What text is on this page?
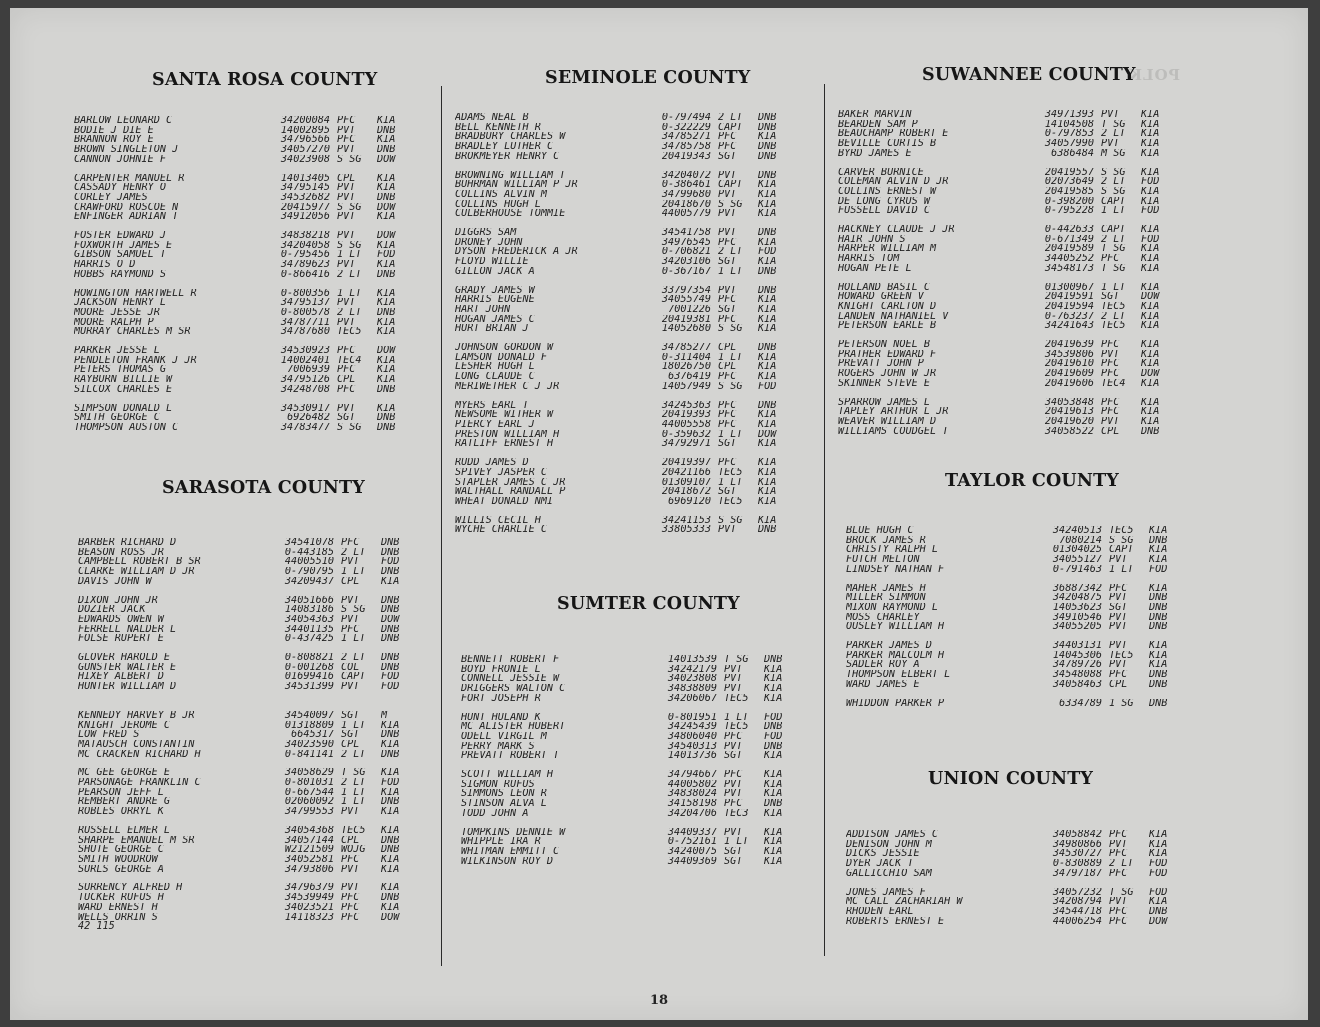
POLK
SANTA ROSA COUNTY
BARLOW LEONARD C	34200084 PFC	KIA
BODIE J DIE E	14002895 PVT	DNB
BRANNON ROY E	34796566 PFC	KIA
BROWN SINGLETON J	34057270 PVT	DNB
CANNON JOHNIE F	34023908 S SG	DOW
CARPENTER MANUEL R	14013405 CPL	KIA
CASSADY HENRY O	34795145 PVT	KIA
CORLEY JAMES	34532682 PVT	DNB
CRAWFORD ROSCOE N	20415977 S SG	DOW
ENFINGER ADRIAN T	34912056 PVT	KIA
FOSTER EDWARD J	34838218 PVT	DOW
FOXWORTH JAMES E	34204058 S SG	KIA
GIBSON SAMUEL T	0-795456 1 LT	FOD
HARRIS O D	34789623 PVT	KIA
HOBBS RAYMOND S	0-866416 2 LT	DNB
HOWINGTON HARTWELL R	0-800356 1 LT	KIA
JACKSON HENRY L	34795137 PVT	KIA
MOORE JESSE JR	0-800578 2 LT	DNB
MOORE RALPH P	34787711 PVT	KIA
MURRAY CHARLES M SR	34787680 TEC5	KIA
PARKER JESSE L	34530923 PFC	DOW
PENDLETON FRANK J JR	14002401 TEC4	KIA
PETERS THOMAS G	7006939 PFC	KIA
RAYBURN BILLIE W	34795126 CPL	KIA
SILCOX CHARLES E	34248708 PFC	DNB
SIMPSON DONALD L	34530917 PVT	KIA
SMITH GEORGE C	6926482 SGT	DNB
THOMPSON AUSTON C	34783477 S SG	DNB
SARASOTA COUNTY
BARBER RICHARD D	34541078 PFC	DNB
BEASON ROSS JR	0-443185 2 LT	DNB
CAMPBELL ROBERT B SR	44005510 PVT	FOD
CLARKE WILLIAM D JR	0-790795 1 LT	DNB
DAVIS JOHN W	34209437 CPL	KIA
DIXON JOHN JR	34051666 PVT	DNB
DOZIER JACK	14083186 S SG	DNB
EDWARDS OWEN W	34054363 PVT	DOW
FERRELL NALDER L	34401135 PFC	DNB
FOLSE RUPERT E	0-437425 1 LT	DNB
GLOVER HAROLD E	0-808821 2 LT	DNB
GUNSTER WALTER E	0-001268 COL	DNB
HIXEY ALBERT D	01699416 CAPT	FOD
HUNTER WILLIAM D	34531399 PVT	FOD
KENNEDY HARVEY B JR	34540097 SGT	M
KNIGHT JEROME C	01318809 1 LT	KIA
LOW FRED S	6645317 SGT	DNB
MATAUSCH CONSTANTIN	34023590 CPL	KIA
MC CRACKEN RICHARD H	0-841141 2 LT	DNB
MC GEE GEORGE E	34058629 T SG	KIA
PARSONAGE FRANKLIN C	0-801031 2 LT	FOD
PEARSON JEFF L	0-667544 1 LT	KIA
REMBERT ANDRE G	02060092 1 LT	DNB
ROBLES ORRYL K	34799553 PVT	KIA
RUSSELL ELMER L	34054368 TEC5	KIA
SHARPE EMANUEL M SR	34057144 CPL	DNB
SHUTE GEORGE C	W2121509 WOJG	DNB
SMITH WOODROW	34052581 PFC	KIA
SURLS GEORGE A	34793806 PVT	KIA
SURRENCY ALFRED H	34796379 PVT	KIA
TUCKER RUFUS H	34539949 PFC	DNB
WARD ERNEST H	34023521 PFC	KIA
WELLS ORRIN S	14118323 PFC	DOW
42 115
SEMINOLE COUNTY
ADAMS NEAL B	0-797494 2 LT	DNB
BELL KENNETH R	0-322229 CAPT	DNB
BRADBURY CHARLES W	34785271 PFC	KIA
BRADLEY LUTHER C	34785758 PFC	DNB
BROKMEYER HENRY C	20419343 SGT	DNB
BROWNING WILLIAM T	34204072 PVT	DNB
BUHRMAN WILLIAM P JR	0-386461 CAPT	KIA
COLLINS ALVIN M	34799680 PVT	KIA
COLLINS HUGH L	20418670 S SG	KIA
CULBERHOUSE TOMMIE	44005779 PVT	KIA
DIGGRS SAM	34541758 PVT	DNB
DRONEY JOHN	34976545 PFC	KIA
DYSON FREDERICK A JR	0-706821 2 LT	FOD
FLOYD WILLIE	34203106 SGT	KIA
GILLON JACK A	0-367167 1 LT	DNB
GRADY JAMES W	33797354 PVT	DNB
HARRIS EUGENE	34055749 PFC	KIA
HART JOHN	7001226 SGT	KIA
HOGAN JAMES C	20419381 PFC	KIA
HURT BRIAN J	14052680 S SG	KIA
JOHNSON GORDON W	34785277 CPL	DNB
LAMSON DONALD F	0-311404 1 LT	KIA
LESHER HUGH L	18026750 CPL	KIA
LONG CLAUDE C	6376419 PFC	KIA
MERIWETHER C J JR	14057949 S SG	FOD
MYERS EARL T	34245363 PFC	DNB
NEWSOME WITHER W	20419393 PFC	KIA
PIERCY EARL J	44005558 PFC	KIA
PRESTON WILLIAM H	0-359632 1 LT	DOW
RATLIFF ERNEST H	34792971 SGT	KIA
RUDD JAMES D	20419397 PFC	KIA
SPIVEY JASPER C	20421166 TEC5	KIA
STAPLER JAMES C JR	01309107 1 LT	KIA
WALTHALL RANDALL P	20418672 SGT	KIA
WHEAT DONALD NMI	6969120 TEC5	KIA
WILLIS CECIL H	34241153 S SG	KIA
WYCHE CHARLIE C	33805333 PVT	DNB
SUMTER COUNTY
BENNETT ROBERT F	14013539 T SG	DNB
BOYD FRONIE L	34242179 PVT	KIA
CONNELL JESSIE W	34023808 PVT	KIA
DRIGGERS WALTON C	34838809 PVT	KIA
FORT JOSEPH R	34206067 TEC5	KIA
HUNT HULAND K	0-801951 1 LT	FOD
MC ALISTER HUBERT	34245439 TEC5	DNB
ODELL VIRGIL M	34806040 PFC	FOD
PERRY MARK S	34540313 PVT	DNB
PREVATT ROBERT T	14013736 SGT	KIA
SCOTT WILLIAM H	34794667 PFC	KIA
SIGMON RUFUS	44005802 PVT	KIA
SIMMONS LEON R	34838024 PVT	KIA
STINSON ALVA L	34158198 PFC	DNB
TODD JOHN A	34204706 TEC3	KIA
TOMPKINS DENNIE W	34409337 PVT	KIA
WHIPPLE IRA R	0-752161 1 LT	KIA
WHITMAN EMMITT C	34240075 SGT	KIA
WILKINSON ROY D	34409369 SGT	KIA
SUWANNEE COUNTY
BAKER MARVIN	34971393 PVT	KIA
BEARDEN SAM P	14104508 T SG	KIA
BEAUCHAMP ROBERT E	0-797853 2 LT	KIA
BEVILLE CURTIS B	34057990 PVT	KIA
BYRD JAMES E	6386484 M SG	KIA
CARVER BURNICE	20419557 S SG	KIA
COLEMAN ALVIN D JR	02073649 2 LT	FOD
COLLINS ERNEST W	20419585 S SG	KIA
DE LONG CYRUS W	0-398200 CAPT	KIA
FUSSELL DAVID C	0-795228 1 LT	FOD
HACKNEY CLAUDE J JR	0-442633 CAPT	KIA
HAIR JOHN S	0-671349 2 LT	FOD
HARPER WILLIAM M	20419589 T SG	KIA
HARRIS TOM	34405252 PFC	KIA
HOGAN PETE L	34548173 T SG	KIA
HOLLAND BASIL C	01300967 1 LT	KIA
HOWARD GREEN V	20419591 SGT	DOW
KNIGHT CARLTON D	20419594 TEC5	KIA
LANDEN NATHANIEL V	0-763237 2 LT	KIA
PETERSON EARLE B	34241643 TEC5	KIA
PETERSON NOEL B	20419639 PFC	KIA
PRATHER EDWARD F	34539806 PVT	KIA
PREVATT JOHN P	20419610 PFC	KIA
ROGERS JOHN W JR	20419609 PFC	DOW
SKINNER STEVE E	20419606 TEC4	KIA
SPARROW JAMES L	34053848 PFC	KIA
TAPLEY ARTHUR L JR	20419613 PFC	KIA
WEAVER WILLIAM D	20419620 PVT	KIA
WILLIAMS COUDGEL T	34058522 CPL	DNB
TAYLOR COUNTY
BLUE HUGH C	34240513 TEC5	KIA
BROCK JAMES R	7080214 S SG	DNB
CHRISTY RALPH L	01304025 CAPT	KIA
FUTCH MELTON	34055127 PVT	KIA
LINDSEY NATHAN F	0-791463 1 LT	FOD
MAHER JAMES H	36887342 PFC	KIA
MILLER SIMMON	34204875 PVT	DNB
MIXON RAYMOND L	14053623 SGT	DNB
MOSS CHARLEY	34910546 PVT	DNB
OUSLEY WILLIAM H	34055205 PVT	DNB
PARKER JAMES D	34403131 PVT	KIA
PARKER MALCOLM H	14045306 TEC5	KIA
SADLER ROY A	34789726 PVT	KIA
THOMPSON ELBERT L	34548088 PFC	DNB
WARD JAMES E	34058463 CPL	DNB
WHIDDON PARKER P	6334789 1 SG	DNB
UNION COUNTY
ADDISON JAMES C	34058842 PFC	KIA
DENISON JOHN M	34980866 PVT	KIA
DICKS JESSIE	34530727 PFC	KIA
DYER JACK T	0-830889 2 LT	FOD
GALLICCHIO SAM	34797187 PFC	FOD
JONES JAMES F	34057232 T SG	FOD
MC CALL ZACHARIAH W	34208794 PVT	KIA
RHODEN EARL	34544718 PFC	DNB
ROBERTS ERNEST E	44006254 PFC	DOW
18
